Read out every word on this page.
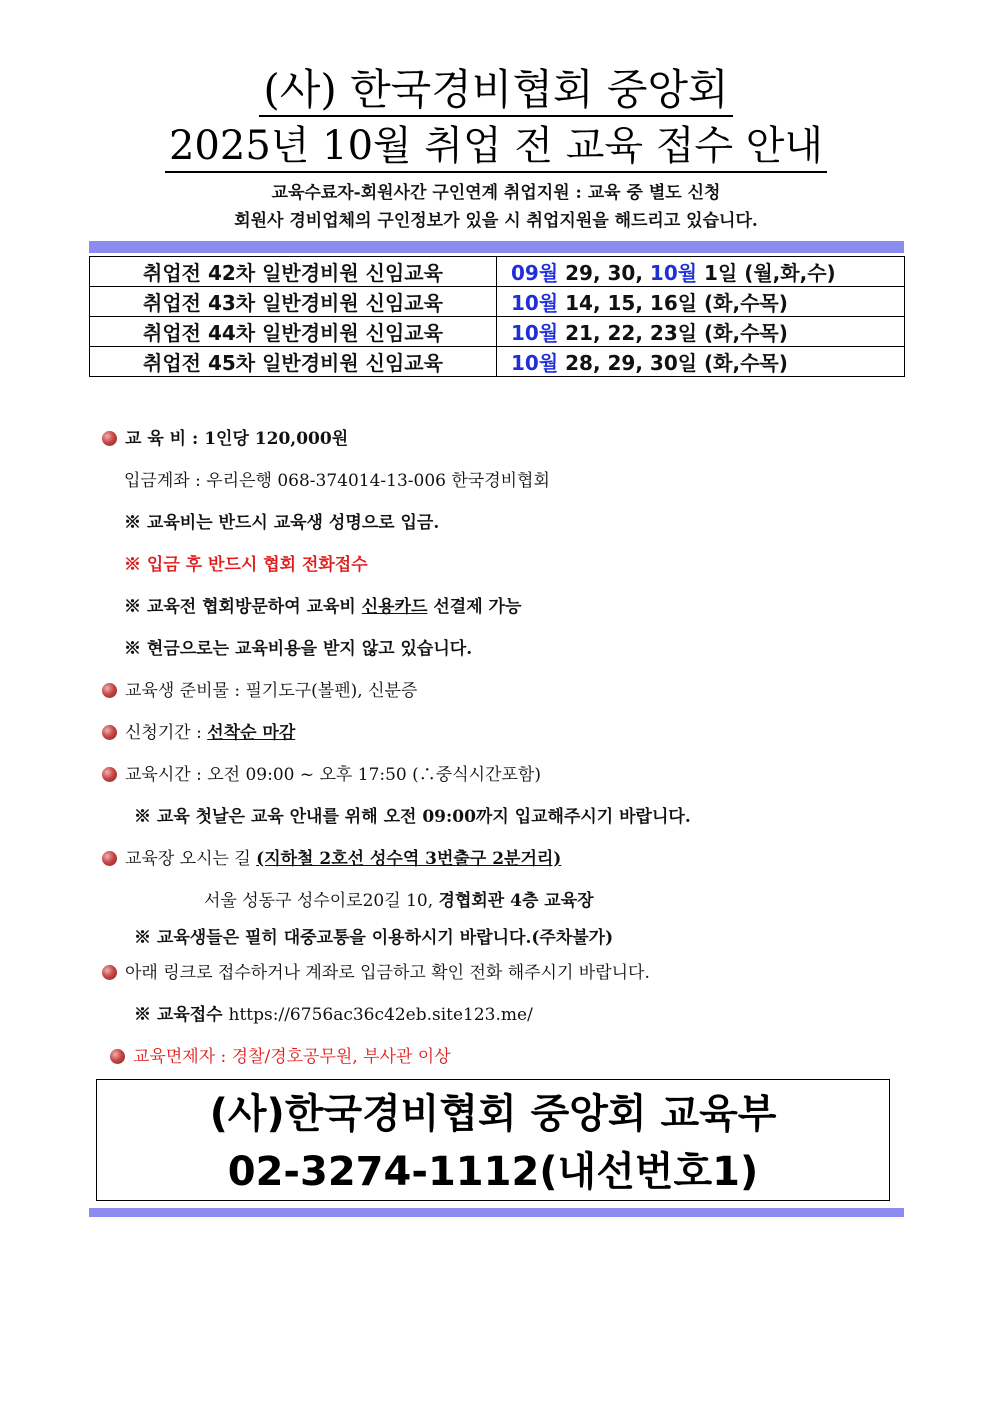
(사) 한국경비협회 중앙회
2025년 10월 취업 전 교육 접수 안내
교육수료자-회원사간 구인연계 취업지원 : 교육 중 별도 신청
회원사 경비업체의 구인정보가 있을 시 취업지원을 해드리고 있습니다.
취업전 42차 일반경비원 신임교육	09월 29, 30, 10월 1일 (월,화,수)
취업전 43차 일반경비원 신임교육	10월 14, 15, 16일 (화,수목)
취업전 44차 일반경비원 신임교육	10월 21, 22, 23일 (화,수목)
취업전 45차 일반경비원 신임교육	10월 28, 29, 30일 (화,수목)
교 육 비 : 1인당 120,000원
입금계좌 : 우리은행 068-374014-13-006 한국경비협회
※ 교육비는 반드시 교육생 성명으로 입금.
※ 입금 후 반드시 협회 전화접수
※ 교육전 협회방문하여 교육비 신용카드 선결제 가능
※ 현금으로는 교육비용을 받지 않고 있습니다.
교육생 준비물 : 필기도구(볼펜), 신분증
신청기간 : 선착순 마감
교육시간 : 오전 09:00 ~ 오후 17:50 (∴중식시간포함)
※ 교육 첫날은 교육 안내를 위해 오전 09:00까지 입교해주시기 바랍니다.
교육장 오시는 길 (지하철 2호선 성수역 3번출구 2분거리)
서울 성동구 성수이로20길 10, 경협회관 4층 교육장
※ 교육생들은 필히 대중교통을 이용하시기 바랍니다.(주차불가)
아래 링크로 접수하거나 계좌로 입금하고 확인 전화 해주시기 바랍니다.
※ 교육접수 https://6756ac36c42eb.site123.me/
교육면제자 : 경찰/경호공무원, 부사관 이상
(사)한국경비협회 중앙회 교육부
02-3274-1112(내선번호1)
